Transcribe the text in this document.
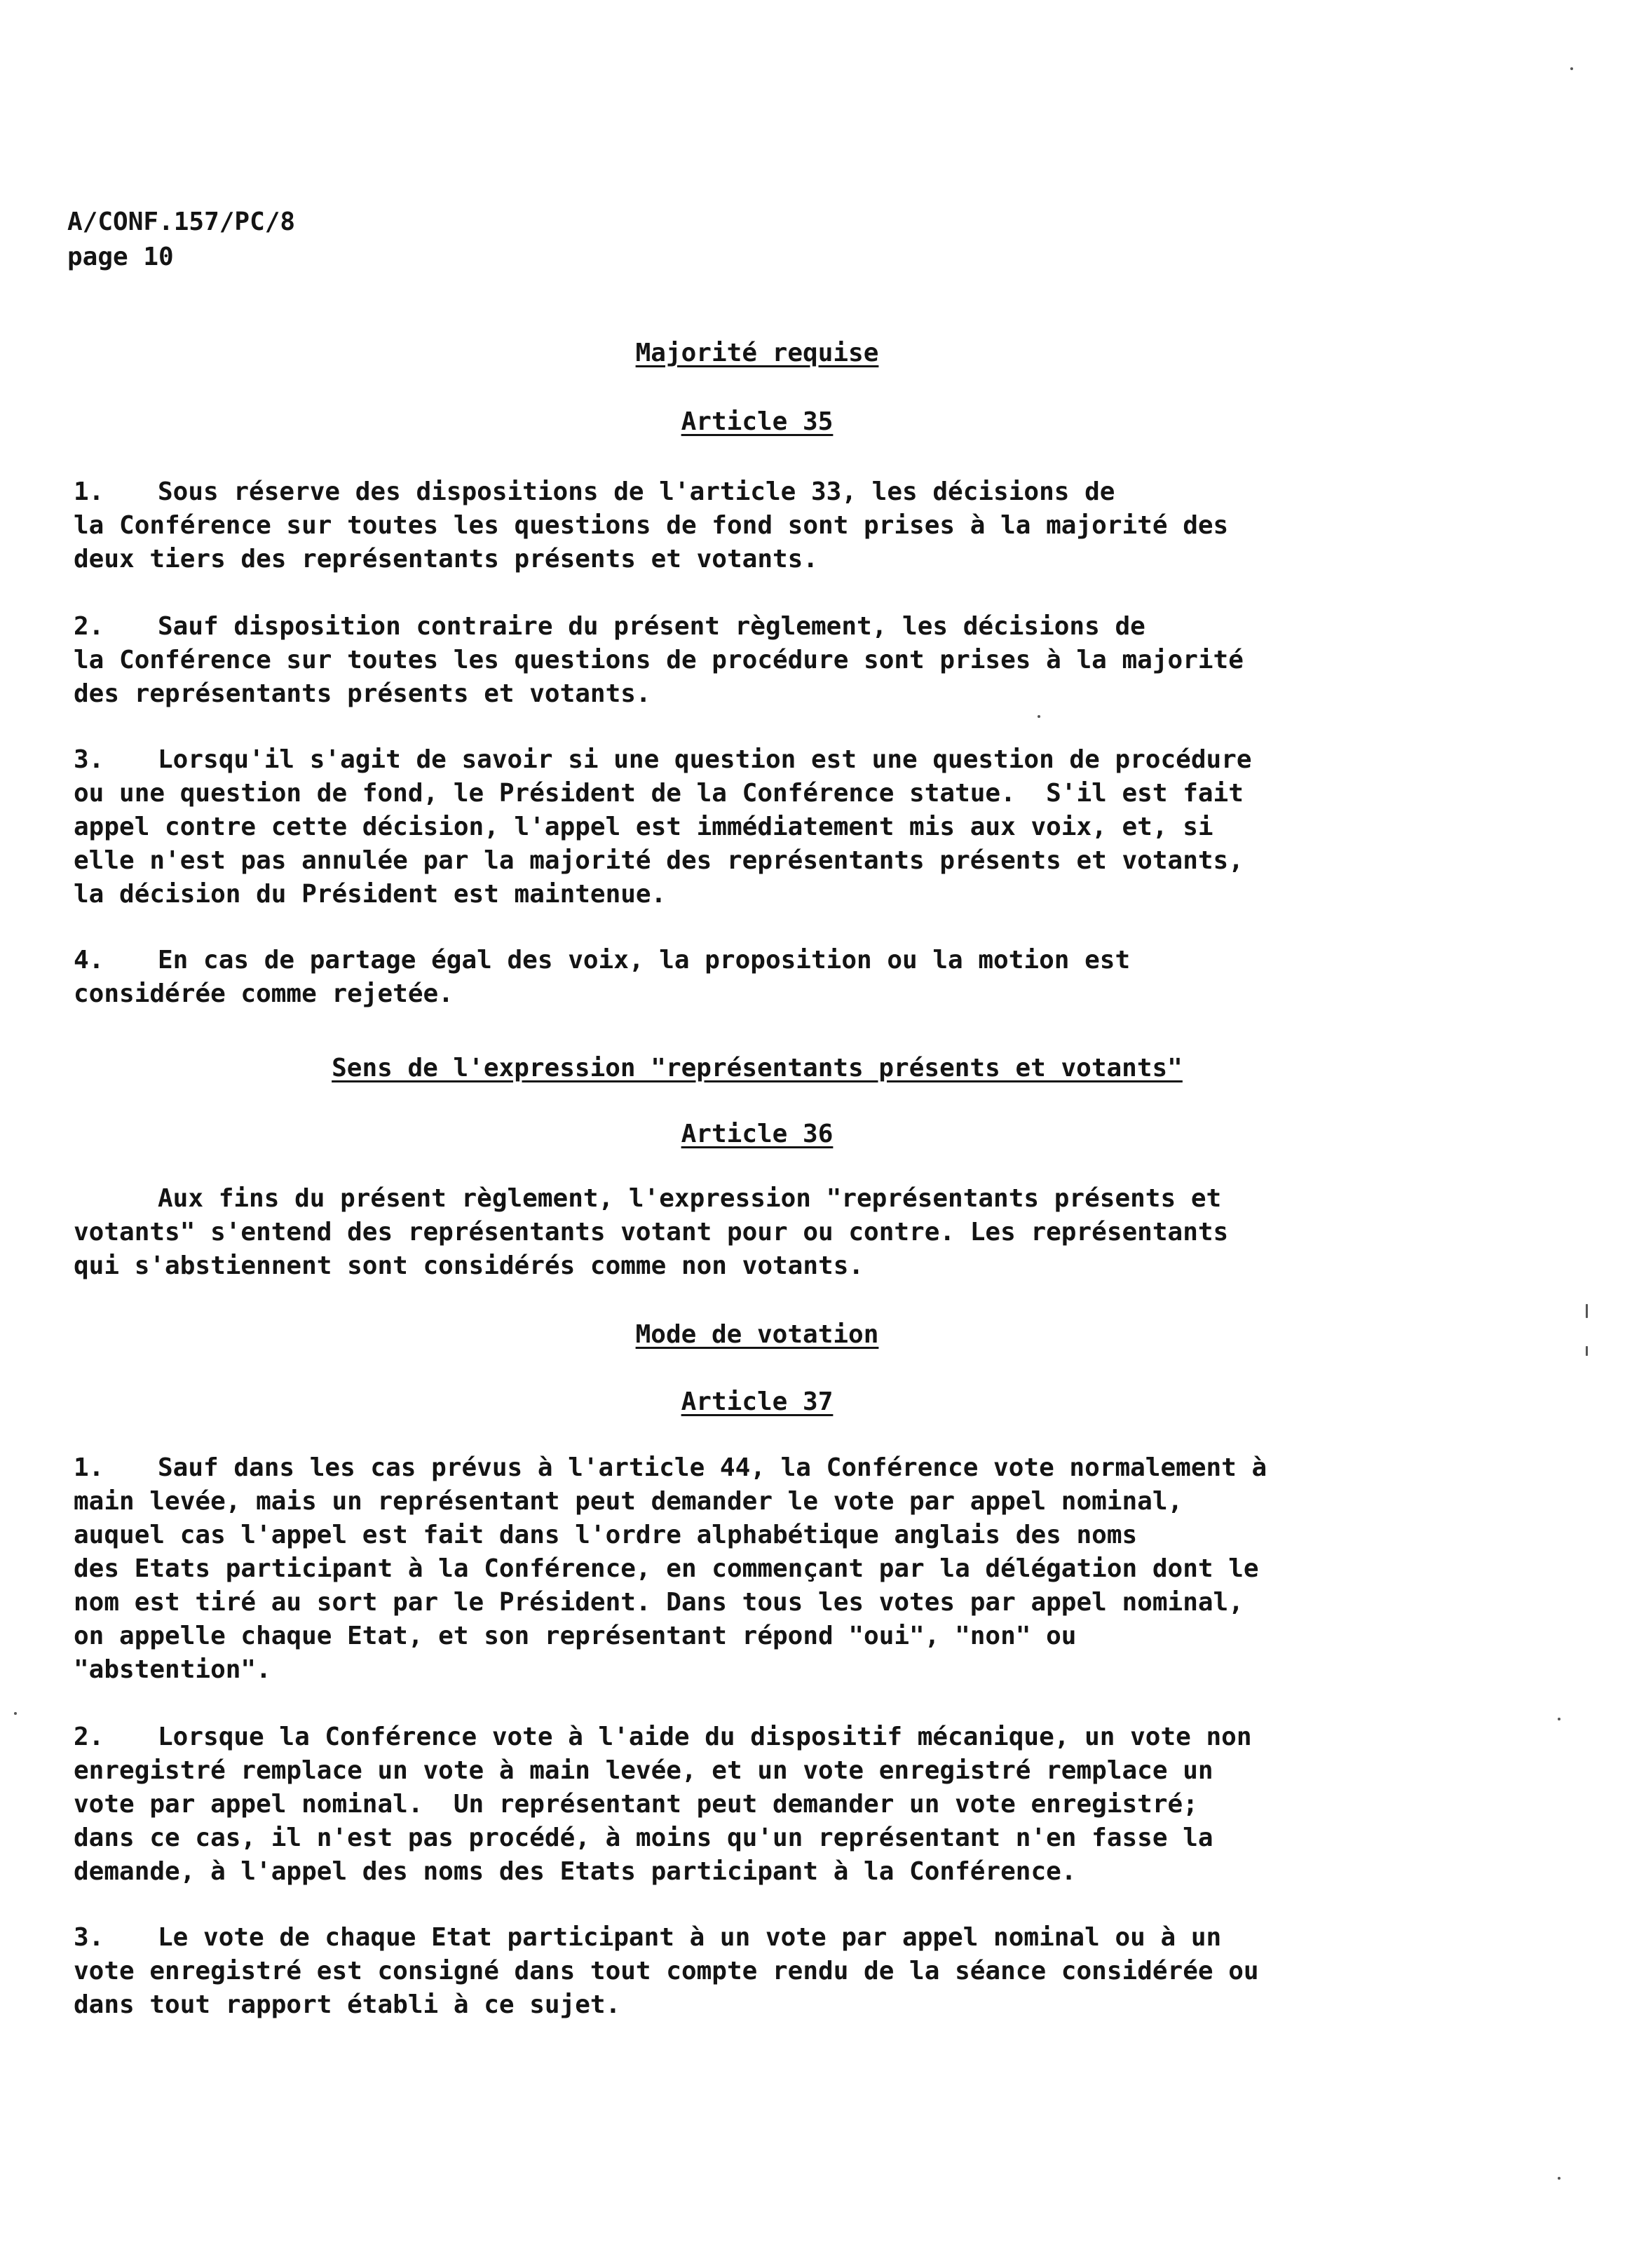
A/CONF.157/PC/8
page 10
Majorité requise
Article 35
1. Sous réserve des dispositions de l'article 33, les décisions de
la Conférence sur toutes les questions de fond sont prises à la majorité des
deux tiers des représentants présents et votants.
2. Sauf disposition contraire du présent règlement, les décisions de
la Conférence sur toutes les questions de procédure sont prises à la majorité
des représentants présents et votants.
3. Lorsqu'il s'agit de savoir si une question est une question de procédure
ou une question de fond, le Président de la Conférence statue.  S'il est fait
appel contre cette décision, l'appel est immédiatement mis aux voix, et, si
elle n'est pas annulée par la majorité des représentants présents et votants,
la décision du Président est maintenue.
4. En cas de partage égal des voix, la proposition ou la motion est
considérée comme rejetée.
Sens de l'expression "représentants présents et votants"
Article 36
Aux fins du présent règlement, l'expression "représentants présents et
votants" s'entend des représentants votant pour ou contre. Les représentants
qui s'abstiennent sont considérés comme non votants.
Mode de votation
Article 37
1. Sauf dans les cas prévus à l'article 44, la Conférence vote normalement à
main levée, mais un représentant peut demander le vote par appel nominal,
auquel cas l'appel est fait dans l'ordre alphabétique anglais des noms
des Etats participant à la Conférence, en commençant par la délégation dont le
nom est tiré au sort par le Président. Dans tous les votes par appel nominal,
on appelle chaque Etat, et son représentant répond "oui", "non" ou
"abstention".
2. Lorsque la Conférence vote à l'aide du dispositif mécanique, un vote non
enregistré remplace un vote à main levée, et un vote enregistré remplace un
vote par appel nominal.  Un représentant peut demander un vote enregistré;
dans ce cas, il n'est pas procédé, à moins qu'un représentant n'en fasse la
demande, à l'appel des noms des Etats participant à la Conférence.
3. Le vote de chaque Etat participant à un vote par appel nominal ou à un
vote enregistré est consigné dans tout compte rendu de la séance considérée ou
dans tout rapport établi à ce sujet.
